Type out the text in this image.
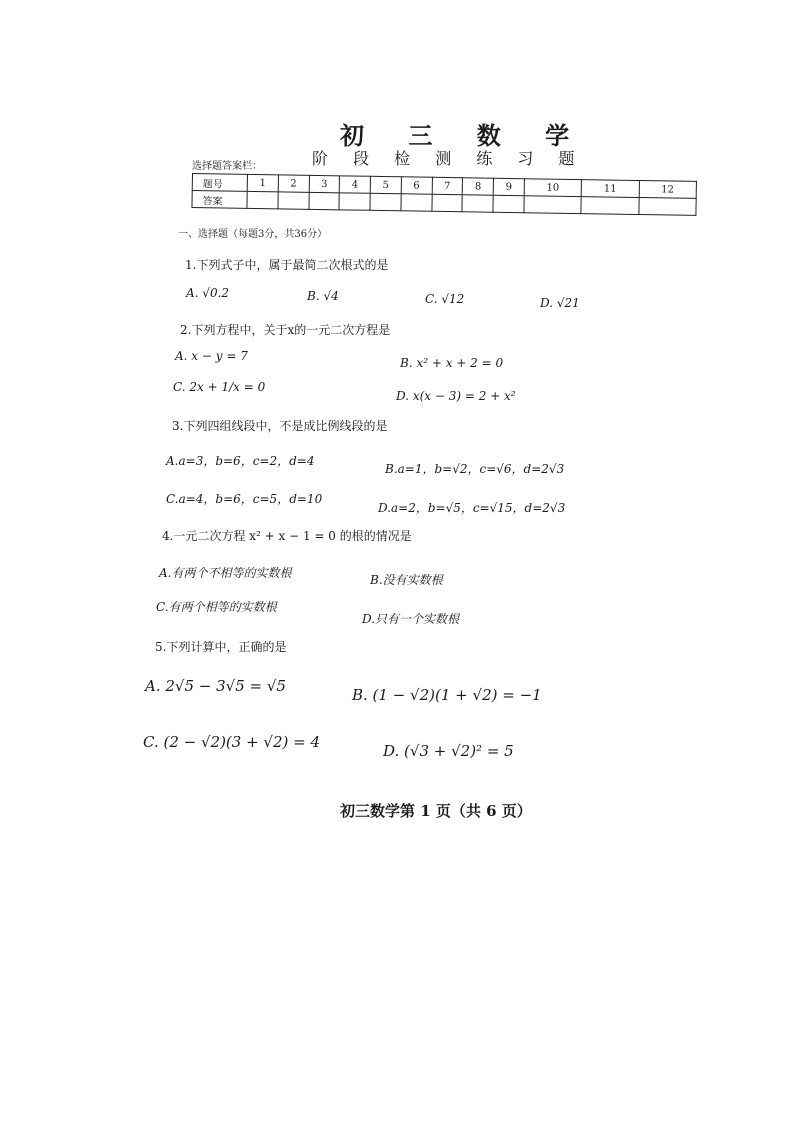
初 三 数 学
阶 段 检 测 练 习 题
选择题答案栏：
题号	1	2	3	4	5	6	7	8	9	10	11	12
答案												
一、选择题（每题3分，共36分）
1.下列式子中，属于最简二次根式的是
A. √0.2	B. √4	C. √12	D. √21
2.下列方程中，关于x的一元二次方程是
A. x − y = 7	B. x² + x + 2 = 0
C. 2x + 1/x = 0
D. x(x − 3) = 2 + x²
3.下列四组线段中，不是成比例线段的是
A.a=3，b=6，c=2，d=4
B.a=1，b=√2，c=√6，d=2√3
C.a=4，b=6，c=5，d=10
D.a=2，b=√5，c=√15，d=2√3
4.一元二次方程 x² + x − 1 = 0 的根的情况是
A.有两个不相等的实数根	B.没有实数根
C.有两个相等的实数根
D.只有一个实数根
5.下列计算中，正确的是
A. 2√5 − 3√5 = √5	B. (1 − √2)(1 + √2) = −1
C. (2 − √2)(3 + √2) = 4	D. (√3 + √2)² = 5
初三数学第 1 页（共 6 页）
